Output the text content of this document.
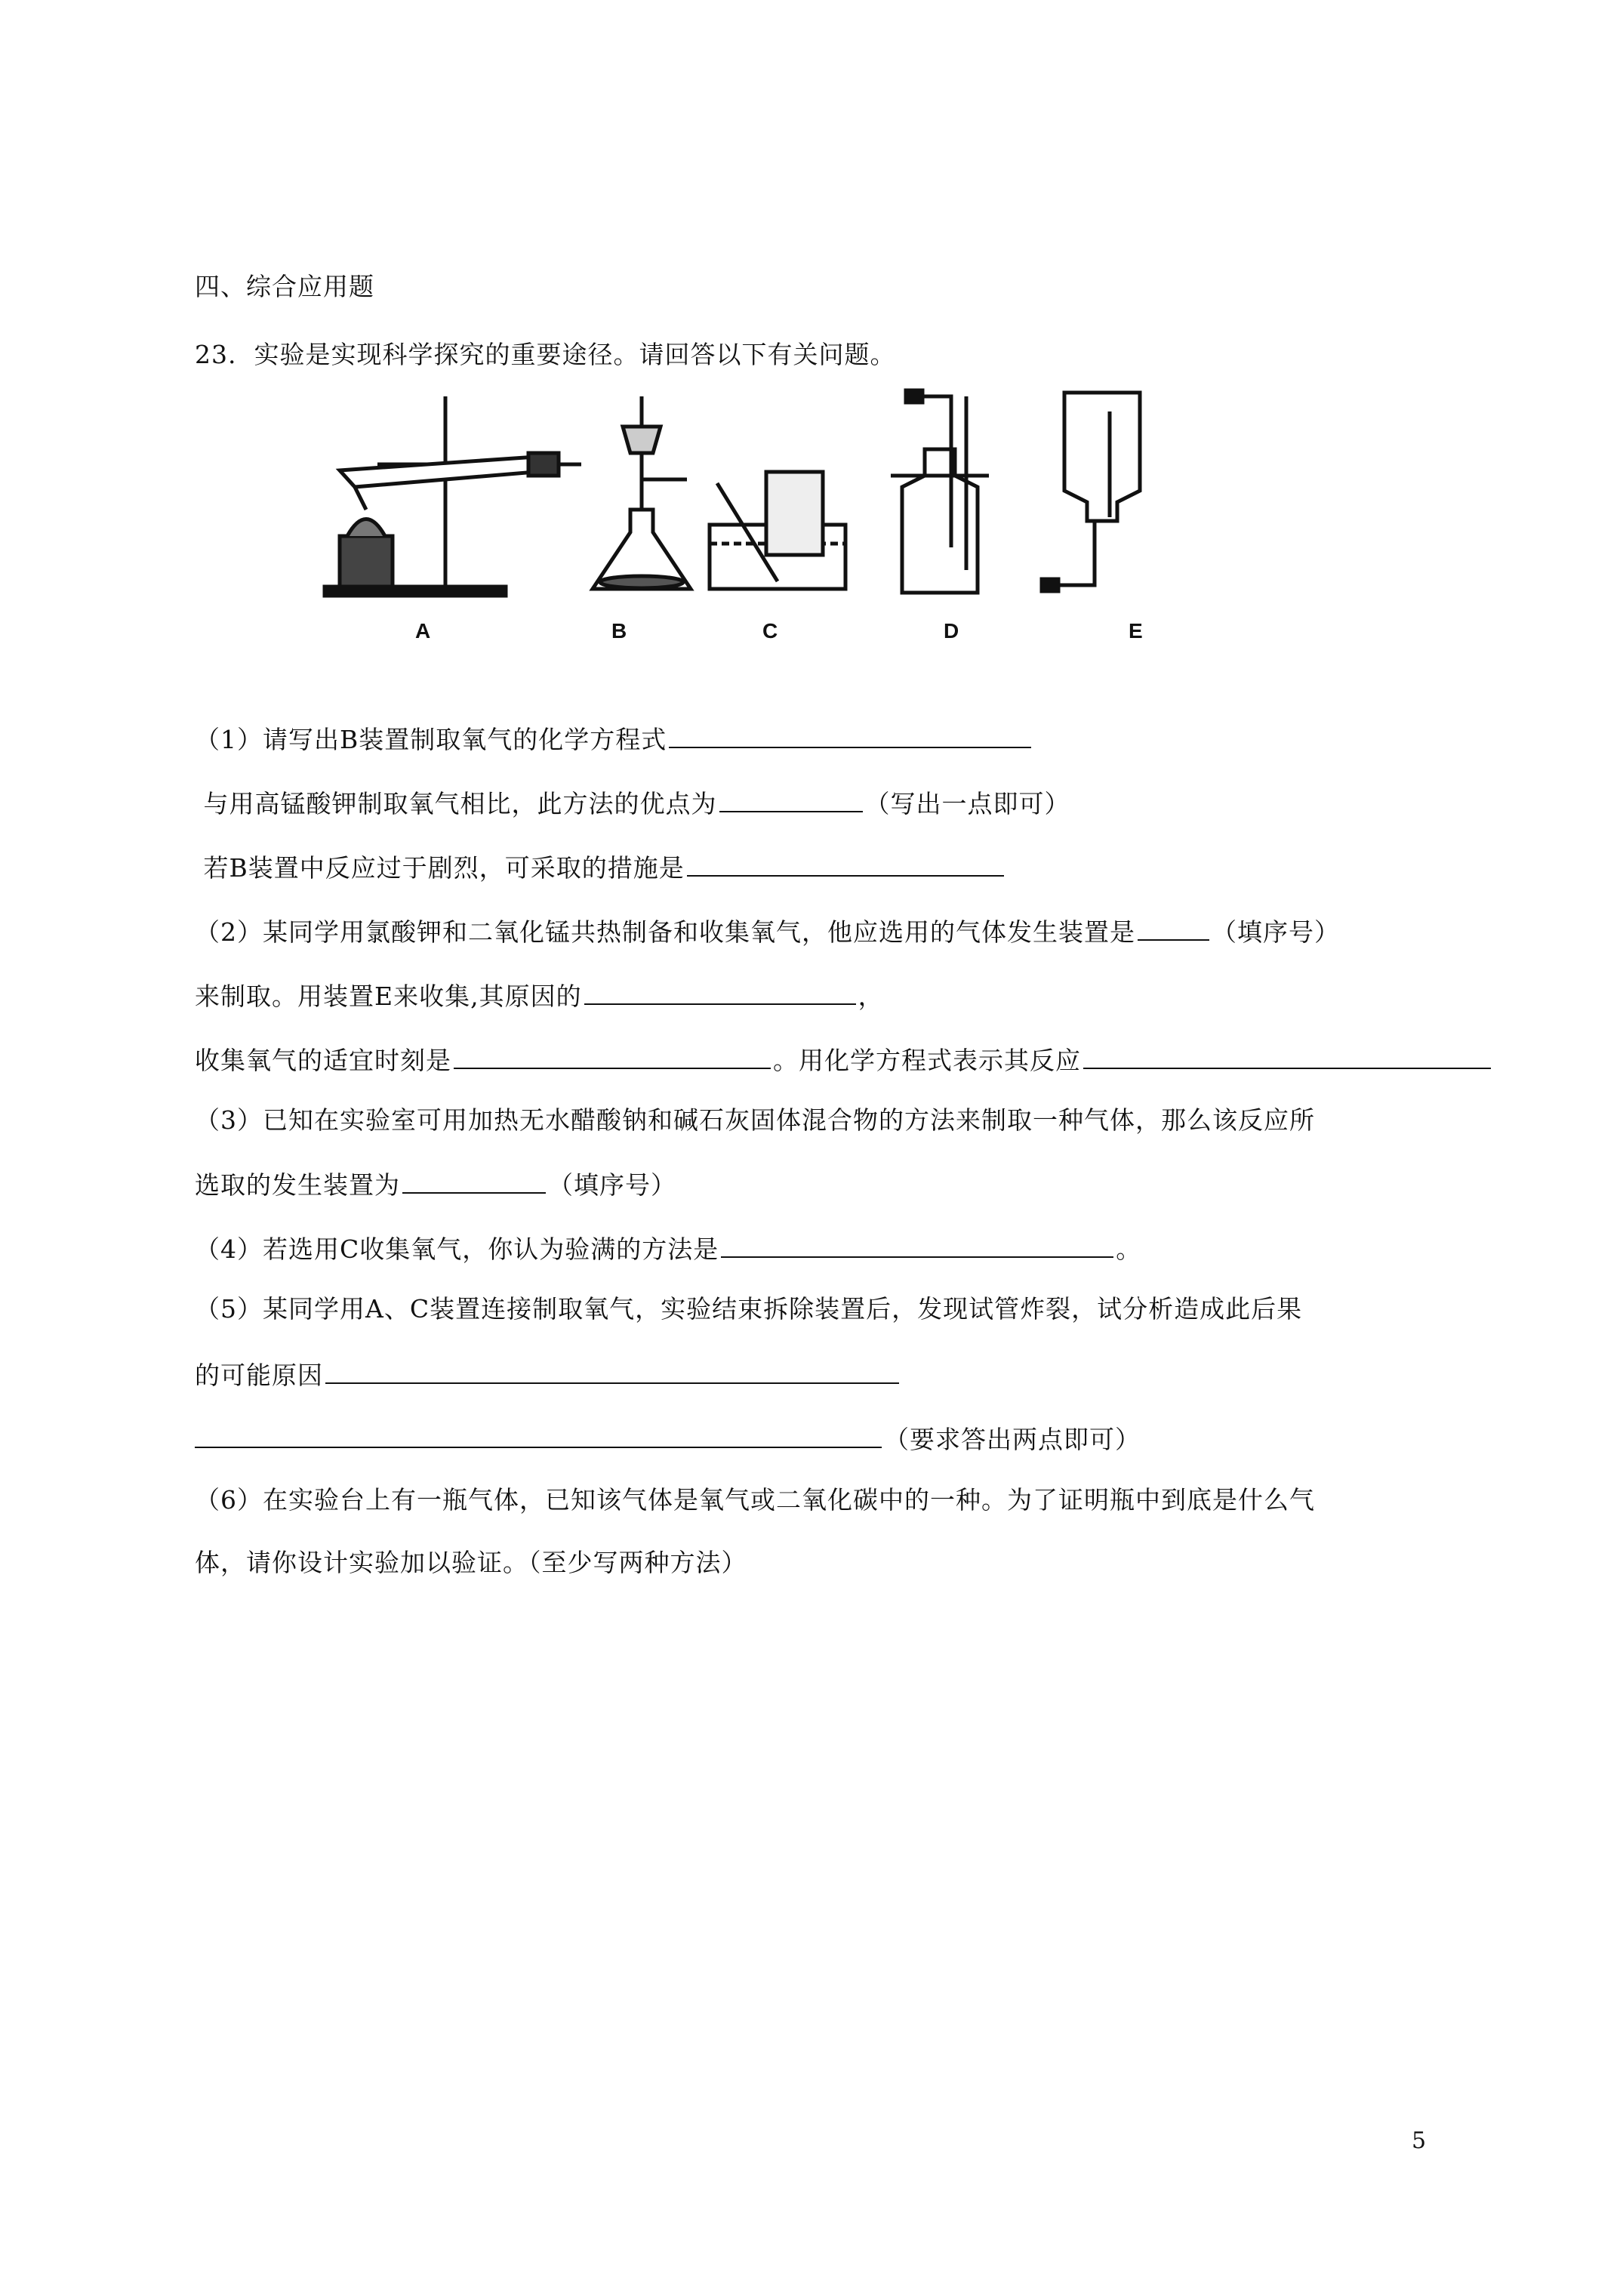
四、综合应用题
23. 实验是实现科学探究的重要途径。请回答以下有关问题。
A	B	C	D	E
（1）请写出B装置制取氧气的化学方程式
与用高锰酸钾制取氧气相比，此方法的优点为	（写出一点即可）
若B装置中反应过于剧烈，可采取的措施是
（2）某同学用氯酸钾和二氧化锰共热制备和收集氧气，他应选用的气体发生装置是	（填序号）
来制取。用装置E来收集,其原因的	，
收集氧气的适宜时刻是	。用化学方程式表示其反应
（3）已知在实验室可用加热无水醋酸钠和碱石灰固体混合物的方法来制取一种气体，那么该反应所
选取的发生装置为	（填序号）
（4）若选用C收集氧气，你认为验满的方法是	。
（5）某同学用A、C装置连接制取氧气，实验结束拆除装置后，发现试管炸裂，试分析造成此后果
的可能原因
（要求答出两点即可）
（6）在实验台上有一瓶气体，已知该气体是氧气或二氧化碳中的一种。为了证明瓶中到底是什么气
体，请你设计实验加以验证。（至少写两种方法）
5
